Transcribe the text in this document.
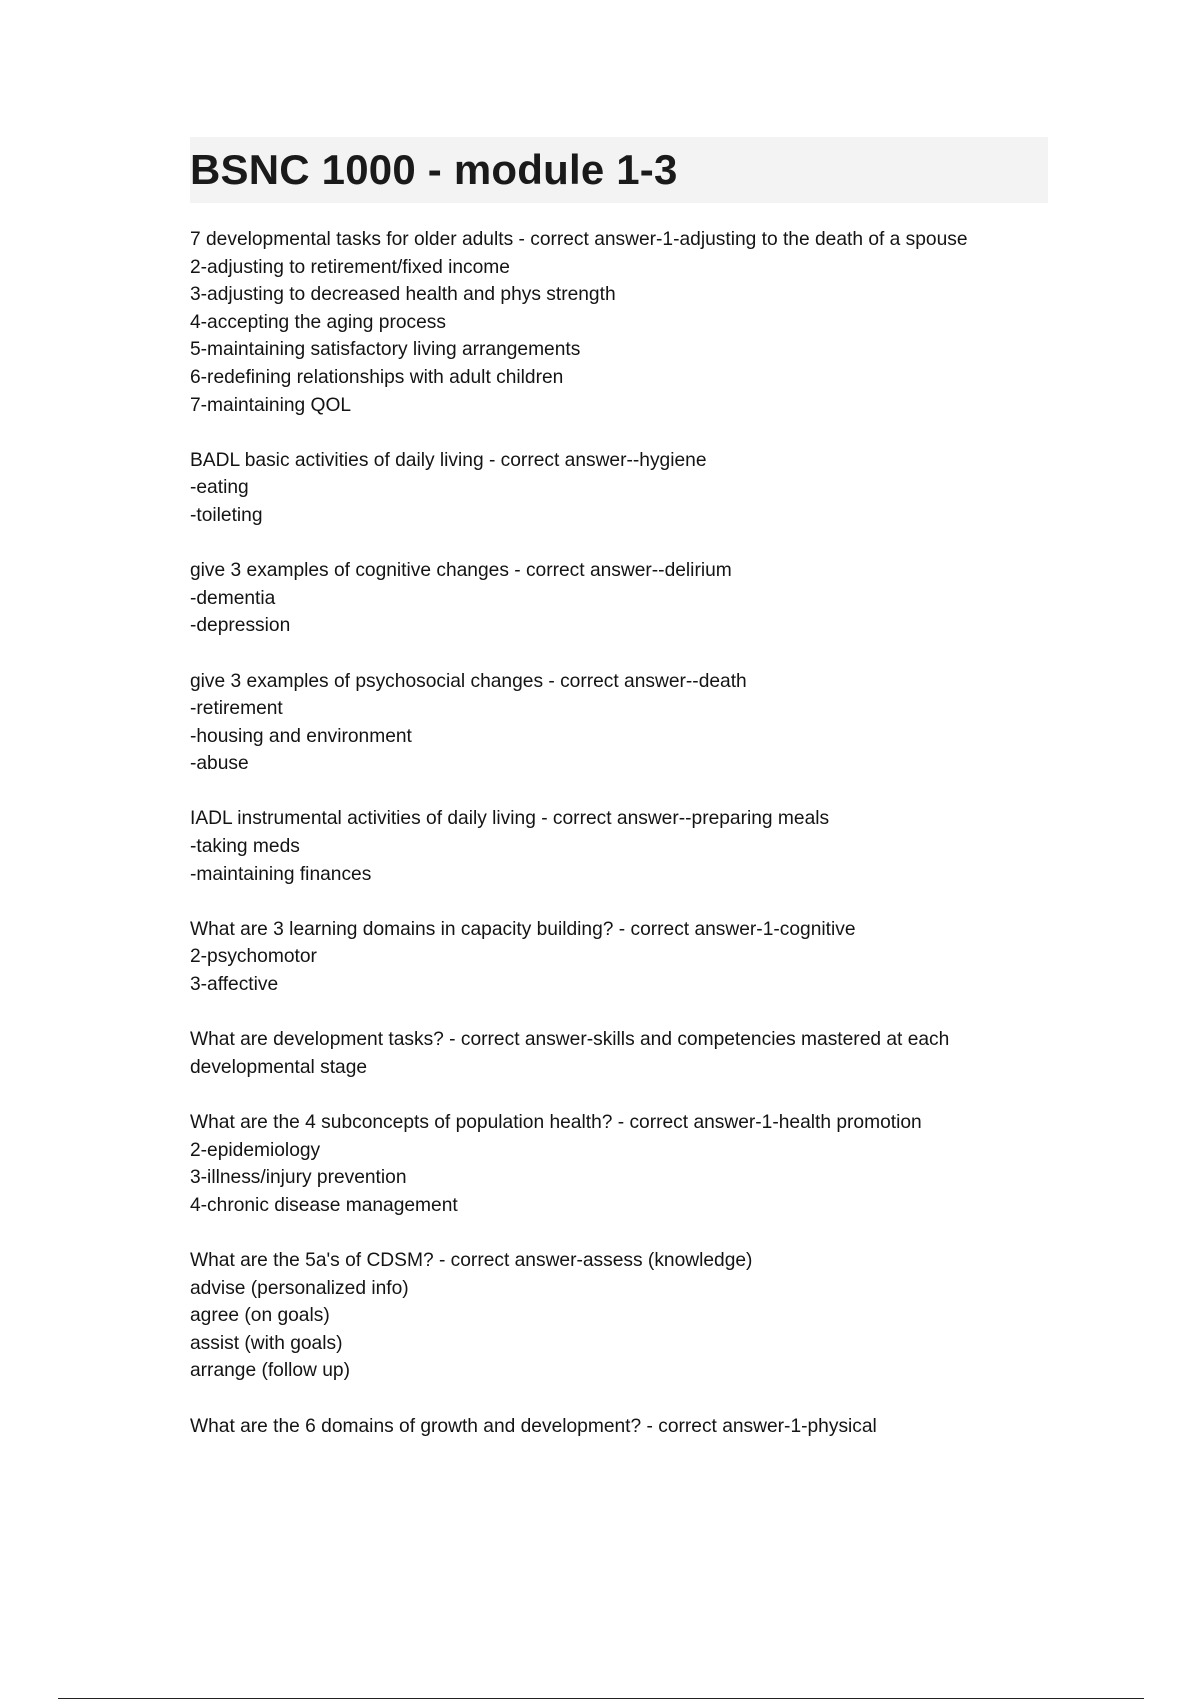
BSNC 1000 - module 1-3
7 developmental tasks for older adults - correct answer-1-adjusting to the death of a spouse
2-adjusting to retirement/fixed income
3-adjusting to decreased health and phys strength
4-accepting the aging process
5-maintaining satisfactory living arrangements
6-redefining relationships with adult children
7-maintaining QOL
BADL basic activities of daily living - correct answer--hygiene
-eating
-toileting
give 3 examples of cognitive changes - correct answer--delirium
-dementia
-depression
give 3 examples of psychosocial changes - correct answer--death
-retirement
-housing and environment
-abuse
IADL instrumental activities of daily living - correct answer--preparing meals
-taking meds
-maintaining finances
What are 3 learning domains in capacity building? - correct answer-1-cognitive
2-psychomotor
3-affective
What are development tasks? - correct answer-skills and competencies mastered at each
developmental stage
What are the 4 subconcepts of population health? - correct answer-1-health promotion
2-epidemiology
3-illness/injury prevention
4-chronic disease management
What are the 5a's of CDSM? - correct answer-assess (knowledge)
advise (personalized info)
agree (on goals)
assist (with goals)
arrange (follow up)
What are the 6 domains of growth and development? - correct answer-1-physical
